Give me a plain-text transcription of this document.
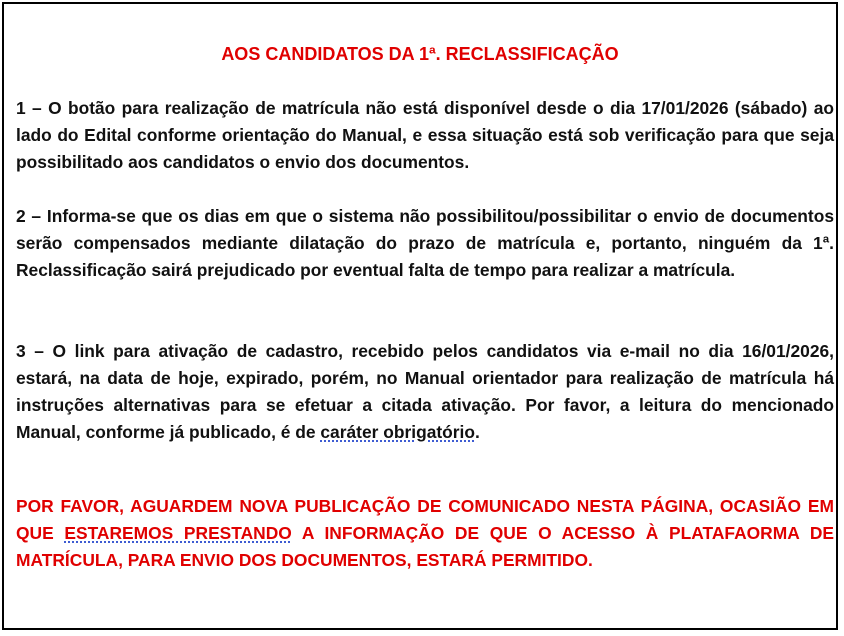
AOS CANDIDATOS DA 1ª. RECLASSIFICAÇÃO

1 – O botão para realização de matrícula não está disponível desde o dia 17/01/2026 (sábado) ao lado do Edital conforme orientação do Manual, e essa situação está sob verificação para que seja possibilitado aos candidatos o envio dos documentos.

2 – Informa-se que os dias em que o sistema não possibilitou/possibilitar o envio de documentos serão compensados mediante dilatação do prazo de matrícula e, portanto, ninguém da 1ª. Reclassificação sairá prejudicado por eventual falta de tempo para realizar a matrícula.

3 – O link para ativação de cadastro, recebido pelos candidatos via e-mail no dia 16/01/2026, estará, na data de hoje, expirado, porém, no Manual orientador para realização de matrícula há instruções alternativas para se efetuar a citada ativação. Por favor, a leitura do mencionado Manual, conforme já publicado, é de caráter obrigatório.

POR FAVOR, AGUARDEM NOVA PUBLICAÇÃO DE COMUNICADO NESTA PÁGINA, OCASIÃO EM QUE ESTAREMOS PRESTANDO A INFORMAÇÃO DE QUE O ACESSO À PLATAFAORMA DE MATRÍCULA, PARA ENVIO DOS DOCUMENTOS, ESTARÁ PERMITIDO.
